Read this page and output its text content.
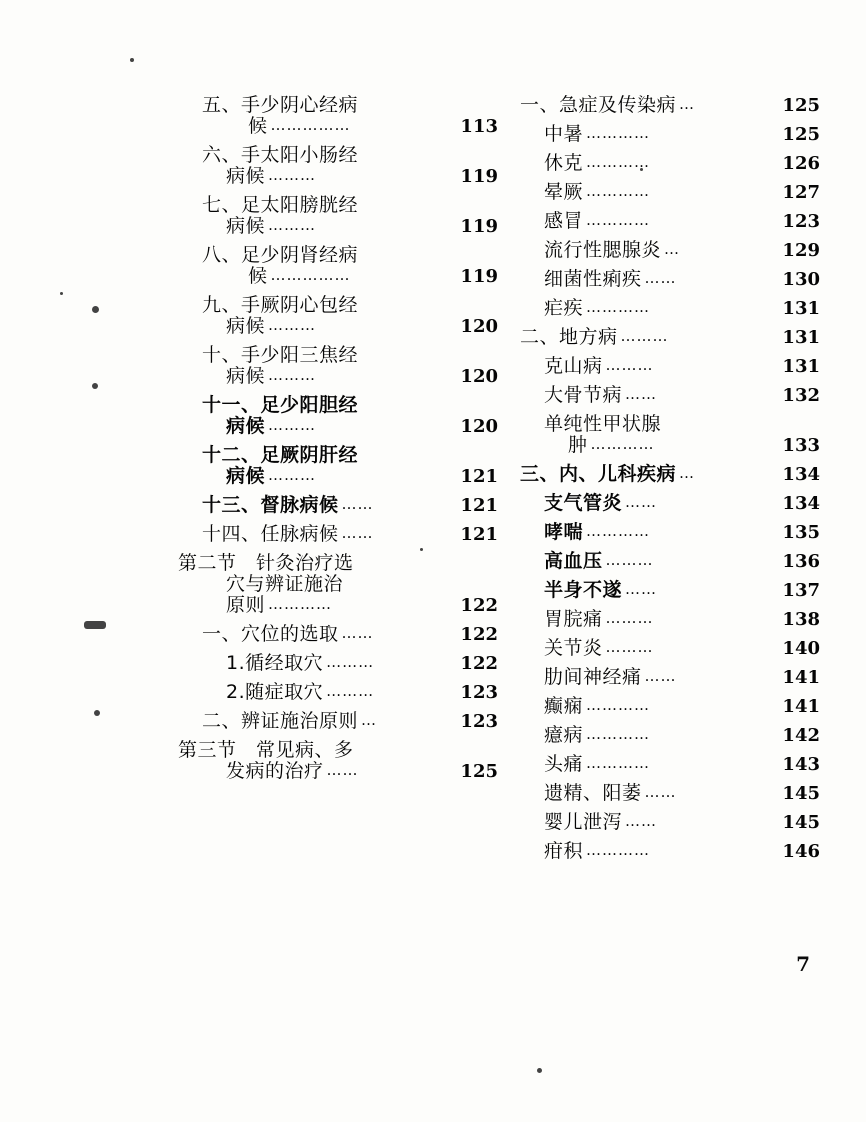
五、手少阴心经病
候 ……………	113
六、手太阳小肠经
病候 ………	119
七、足太阳膀胱经
病候 ………	119
八、足少阴肾经病
候 ……………	119
九、手厥阴心包经
病候 ………	120
十、手少阳三焦经
病候 ………	120
十一、足少阳胆经
病候 ………	120
十二、足厥阴肝经
病候 ………	121
十三、督脉病候 ……	121
十四、任脉病候 ……	121
第二节　针灸治疗选
穴与辨证施治
原则 …………	122
一、穴位的选取 ……	122
1.循经取穴 ………	122
2.随症取穴 ………	123
二、辨证施治原则 …	123
第三节　常见病、多
发病的治疗 ……	125
一、急症及传染病 …	125
中暑 …………	125
休克 …………	126
晕厥 …………	127
感冒 …………	123
流行性腮腺炎 …	129
细菌性痢疾 ……	130
疟疾 …………	131
二、地方病 ………	131
克山病 ………	131
大骨节病 ……	132
单纯性甲状腺
肿 …………	133
三、内、儿科疾病 …	134
支气管炎 ……	134
哮喘 …………	135
高血压 ………	136
半身不遂 ……	137
胃脘痛 ………	138
关节炎 ………	140
肋间神经痛 ……	141
癫痫 …………	141
癔病 …………	142
头痛 …………	143
遗精、阳萎 ……	145
婴儿泄泻 ……	145
疳积 …………	146
7
